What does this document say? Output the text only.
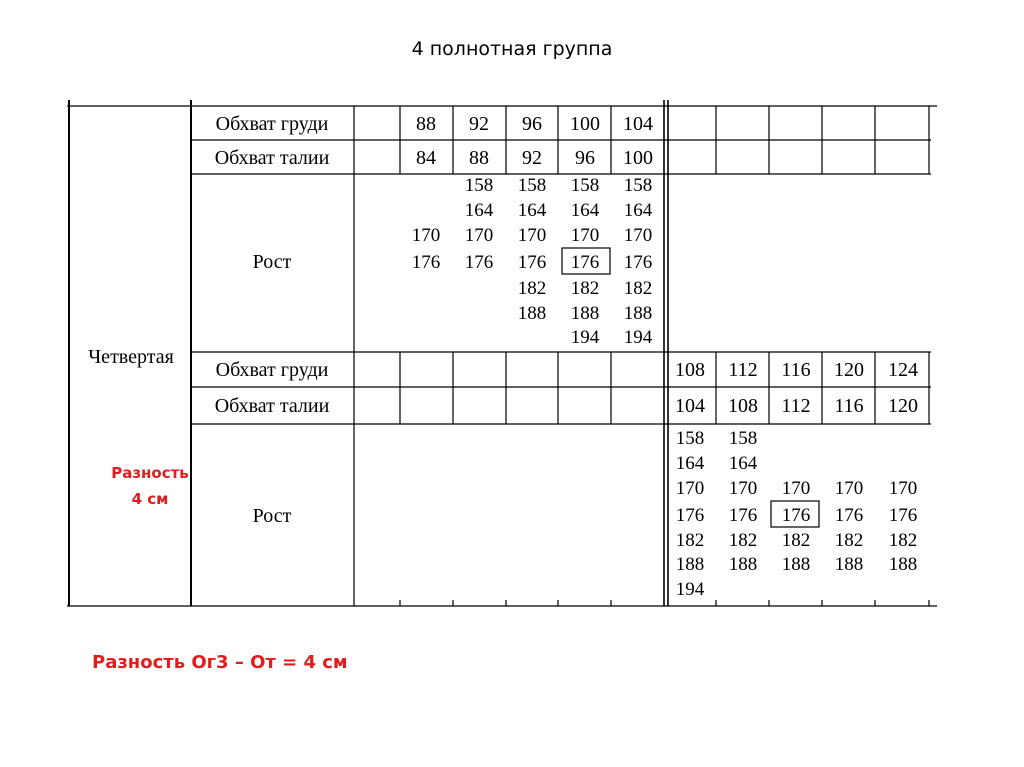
4 полнотная группа
Четвертая
Обхват груди
Обхват талии
Рост
Обхват груди
Обхват талии
Рост
88 92 96 100 104
84 88 92 96 100
170
176
158
164
170
176
158
164
170
176
182
188
158
164
170
176
182
188
194
158
164
170
176
182
188
194
108 112 116 120 124
104 108 112 116 120
158
164
170
176
182
188
194
158
164
170
176
182
188
170
176
182
188
170
176
182
188
170
176
182
188
Разность
4 см
Разность Ог3 – От = 4 см
